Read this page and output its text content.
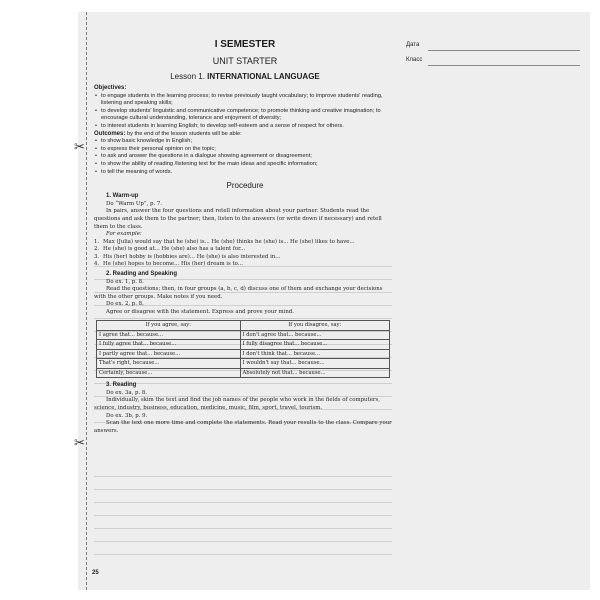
✂
✂
Дата
Класс
I SEMESTER
UNIT STARTER
Lesson 1. INTERNATIONAL LANGUAGE
Objectives:
• to engage students in the learning process; to revise previously taught vocabulary; to improve students' reading, listening and speaking skills;
• to develop students' linguistic and communicative competence; to promote thinking and creative imagination; to encourage cultural understanding, tolerance and enjoyment of diversity;
• to interest students in learning English; to develop self-esteem and a sense of respect for others.
Outcomes: by the end of the lesson students will be able:
• to show basic knowledge in English;
• to express their personal opinion on the topic;
• to ask and answer the questions in a dialogue showing agreement or disagreement;
• to show the ability of reading /listening text for the main ideas and specific information;
• to tell the meaning of words.
Procedure
1. Warm-up
Do “Warm Up”, p. 7.
In pairs, answer the four questions and retell information about your partner. Students read the questions and ask them to the partner; then, listen to the answers (or write down if necessary) and retell them to the class.
For example:
1. Max (Julia) would say that he (she) is... He (she) thinks he (she) is... He (she) likes to have...
2. He (she) is good at... He (she) also has a talent for...
3. His (her) hobby is (hobbies are)... He (she) is also interested in...
4. He (she) hopes to become... His (her) dream is to...
2. Reading and Speaking
Do ex. 1, p. 8.
Read the questions; then, in four groups (a, b, c, d) discuss one of them and exchange your decisions with the other groups. Make notes if you need.
Do ex. 2, p. 8.
Agree or disagree with the statement. Express and prove your mind.
If you agree, say:	If you disagree, say:
I agree that... because...	I don't agree that... because...
I fully agree that... because...	I fully disagree that... because...
I partly agree that... because...	I don't think that... because...
That's right, because...	I wouldn't say that... because...
Certainly, because...	Absolutely not that... because...
3. Reading
Do ex. 3a, p. 8.
Individually, skim the text and find the job names of the people who work in the fields of computers, science, industry, business, education, medicine, music, film, sport, travel, tourism.
Do ex. 3b, p. 9.
Scan the text one more time and complete the statements. Read your results to the class. Compare your answers.
25
